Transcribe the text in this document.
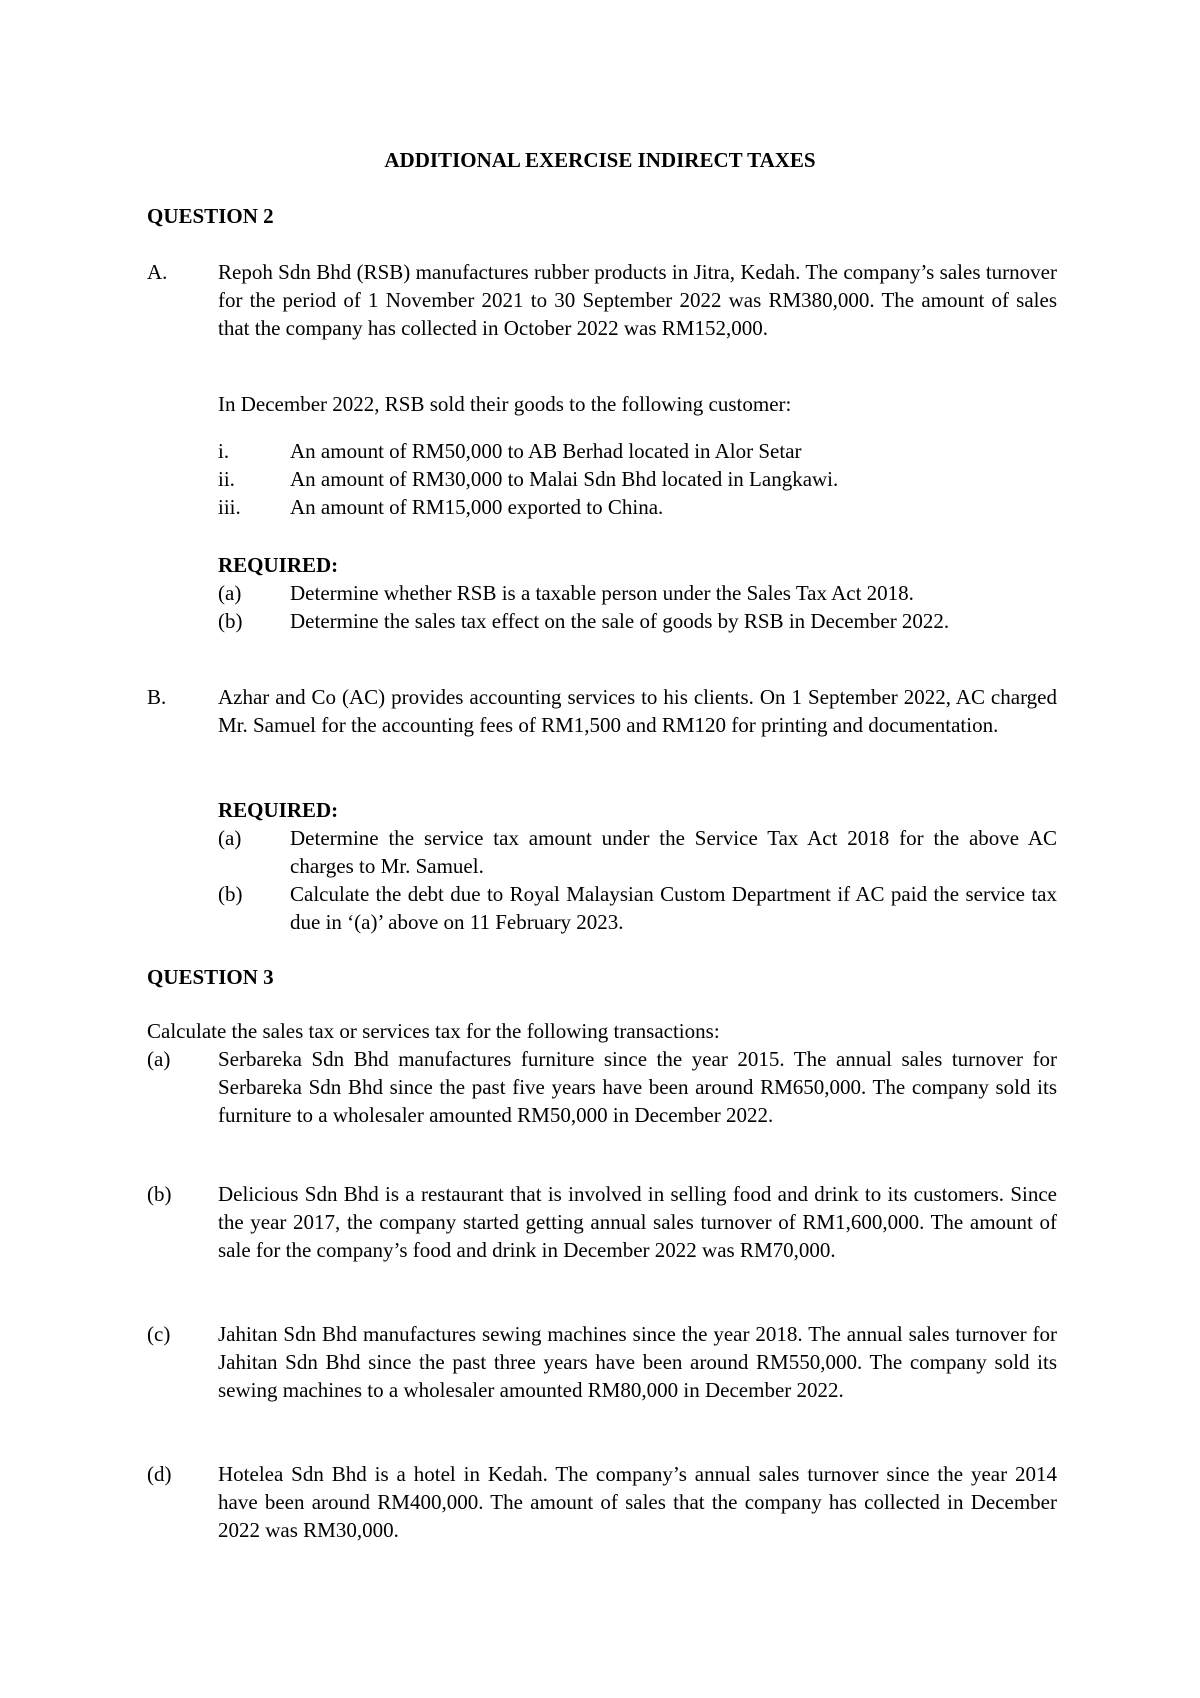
ADDITIONAL EXERCISE INDIRECT TAXES
QUESTION 2
A. Repoh Sdn Bhd (RSB) manufactures rubber products in Jitra, Kedah. The company’s sales turnover for the period of 1 November 2021 to 30 September 2022 was RM380,000. The amount of sales that the company has collected in October 2022 was RM152,000.

In December 2022, RSB sold their goods to the following customer:

i.	An amount of RM50,000 to AB Berhad located in Alor Setar

ii.	An amount of RM30,000 to Malai Sdn Bhd located in Langkawi.

iii. An amount of RM15,000 exported to China.

REQUIRED:

(a) Determine whether RSB is a taxable person under the Sales Tax Act 2018.

(b) Determine the sales tax effect on the sale of goods by RSB in December 2022.

B. Azhar and Co (AC) provides accounting services to his clients. On 1 September 2022, AC charged Mr. Samuel for the accounting fees of RM1,500 and RM120 for printing and documentation.

REQUIRED:

(a) Determine the service tax amount under the Service Tax Act 2018 for the above AC charges to Mr. Samuel.

(b) Calculate the debt due to Royal Malaysian Custom Department if AC paid the service tax due in ‘(a)’ above on 11 February 2023.

QUESTION 3

Calculate the sales tax or services tax for the following transactions:

(a) Serbareka Sdn Bhd manufactures furniture since the year 2015. The annual sales turnover for Serbareka Sdn Bhd since the past five years have been around RM650,000. The company sold its furniture to a wholesaler amounted RM50,000 in December 2022.

(b) Delicious Sdn Bhd is a restaurant that is involved in selling food and drink to its customers. Since the year 2017, the company started getting annual sales turnover of RM1,600,000. The amount of sale for the company’s food and drink in December 2022 was RM70,000.

(c) Jahitan Sdn Bhd manufactures sewing machines since the year 2018. The annual sales turnover for Jahitan Sdn Bhd since the past three years have been around RM550,000. The company sold its sewing machines to a wholesaler amounted RM80,000 in December 2022.

(d) Hotelea Sdn Bhd is a hotel in Kedah. The company’s annual sales turnover since the year 2014 have been around RM400,000. The amount of sales that the company has collected in December 2022 was RM30,000.
